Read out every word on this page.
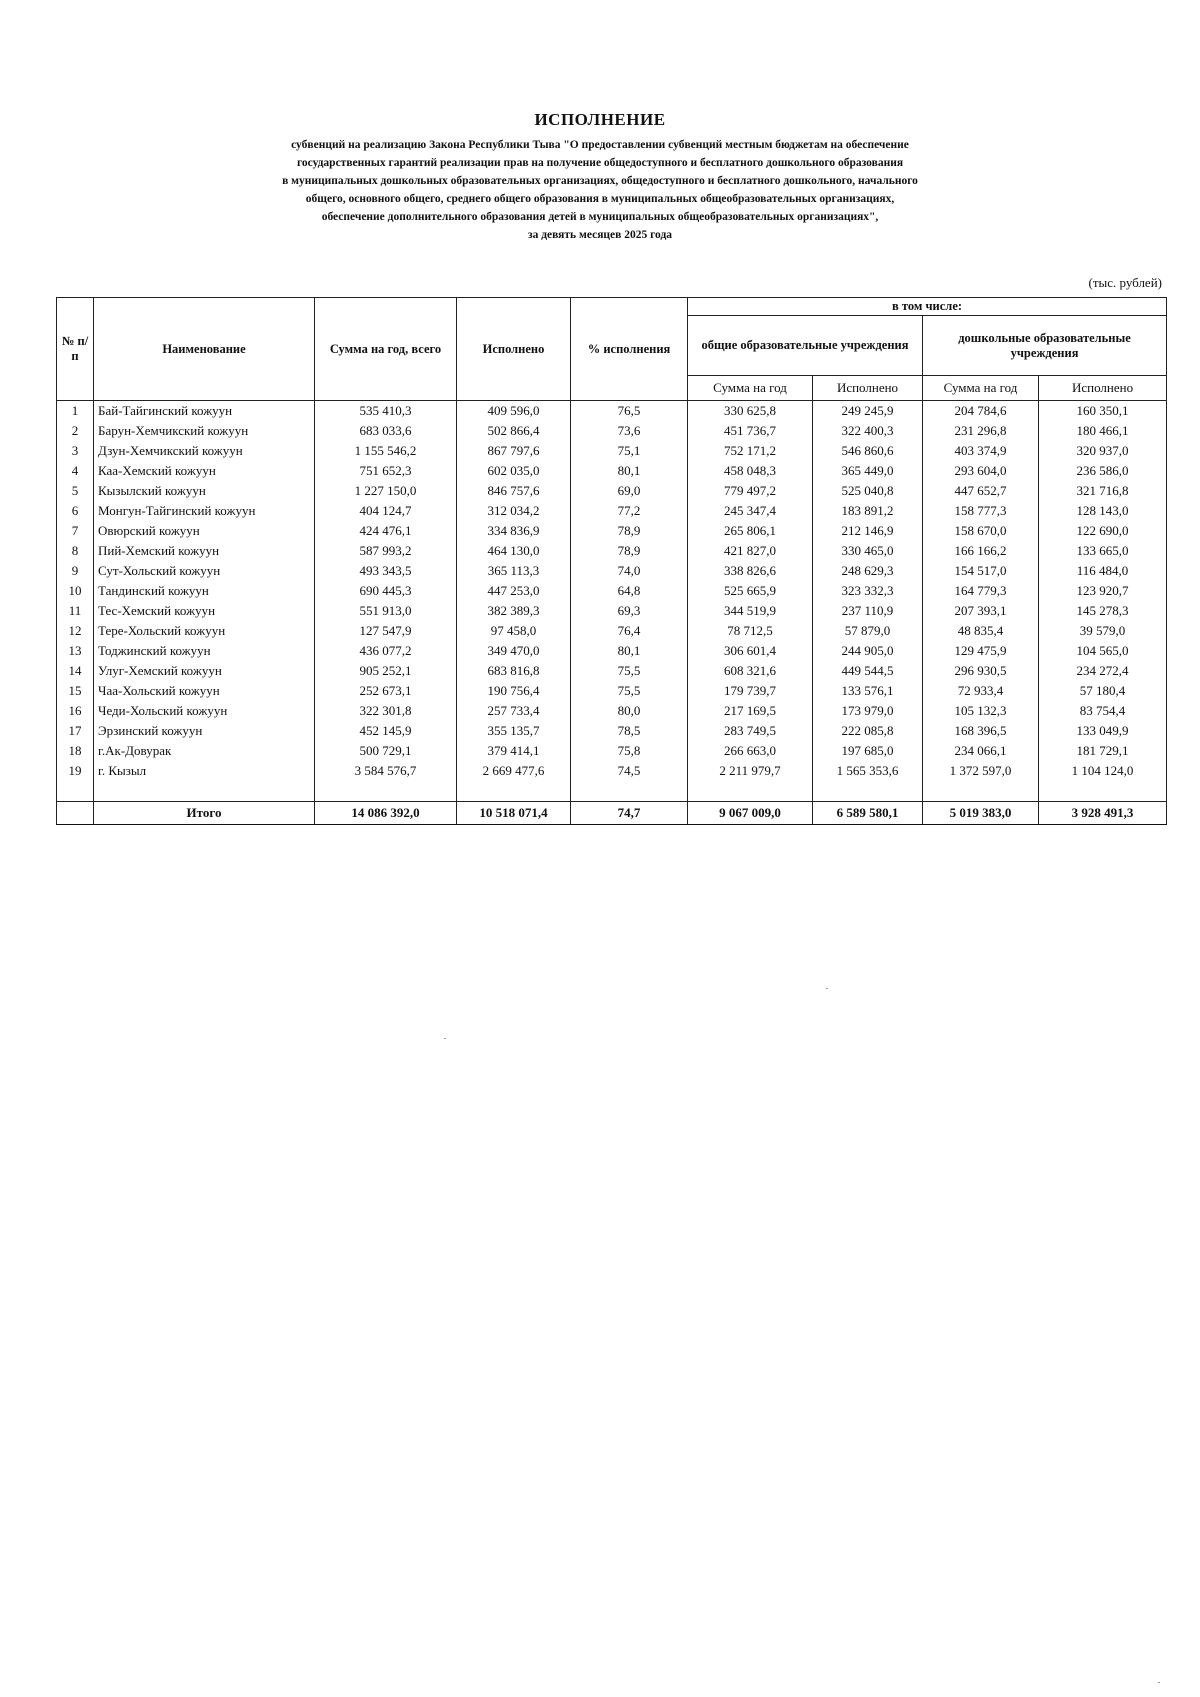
ИСПОЛНЕНИЕ
субвенций на реализацию Закона Республики Тыва "О предоставлении субвенций местным бюджетам на обеспечение
государственных гарантий реализации прав на получение общедоступного и бесплатного дошкольного образования
в муниципальных дошкольных образовательных организациях, общедоступного и бесплатного дошкольного, начального
общего, основного общего, среднего общего образования в муниципальных общеобразовательных организациях,
обеспечение дополнительного образования детей в муниципальных общеобразовательных организациях",
за девять месяцев 2025 года
(тыс. рублей)
№ п/п	Наименование	Сумма на год, всего	Исполнено	% исполнения	в том числе:			
					общие образовательные учреждения		дошкольные образовательные учреждения	
					Сумма на год	Исполнено	Сумма на год	Исполнено
1	Бай-Тайгинский кожуун	535 410,3	409 596,0	76,5	330 625,8	249 245,9	204 784,6	160 350,1
2	Барун-Хемчикский кожуун	683 033,6	502 866,4	73,6	451 736,7	322 400,3	231 296,8	180 466,1
3	Дзун-Хемчикский кожуун	1 155 546,2	867 797,6	75,1	752 171,2	546 860,6	403 374,9	320 937,0
4	Каа-Хемский кожуун	751 652,3	602 035,0	80,1	458 048,3	365 449,0	293 604,0	236 586,0
5	Кызылский кожуун	1 227 150,0	846 757,6	69,0	779 497,2	525 040,8	447 652,7	321 716,8
6	Монгун-Тайгинский кожуун	404 124,7	312 034,2	77,2	245 347,4	183 891,2	158 777,3	128 143,0
7	Овюрский кожуун	424 476,1	334 836,9	78,9	265 806,1	212 146,9	158 670,0	122 690,0
8	Пий-Хемский кожуун	587 993,2	464 130,0	78,9	421 827,0	330 465,0	166 166,2	133 665,0
9	Сут-Хольский кожуун	493 343,5	365 113,3	74,0	338 826,6	248 629,3	154 517,0	116 484,0
10	Тандинский кожуун	690 445,3	447 253,0	64,8	525 665,9	323 332,3	164 779,3	123 920,7
11	Тес-Хемский кожуун	551 913,0	382 389,3	69,3	344 519,9	237 110,9	207 393,1	145 278,3
12	Тере-Хольский кожуун	127 547,9	97 458,0	76,4	78 712,5	57 879,0	48 835,4	39 579,0
13	Тоджинский кожуун	436 077,2	349 470,0	80,1	306 601,4	244 905,0	129 475,9	104 565,0
14	Улуг-Хемский кожуун	905 252,1	683 816,8	75,5	608 321,6	449 544,5	296 930,5	234 272,4
15	Чаа-Хольский кожуун	252 673,1	190 756,4	75,5	179 739,7	133 576,1	72 933,4	57 180,4
16	Чеди-Хольский кожуун	322 301,8	257 733,4	80,0	217 169,5	173 979,0	105 132,3	83 754,4
17	Эрзинский кожуун	452 145,9	355 135,7	78,5	283 749,5	222 085,8	168 396,5	133 049,9
18	г.Ак-Довурак	500 729,1	379 414,1	75,8	266 663,0	197 685,0	234 066,1	181 729,1
19	г. Кызыл	3 584 576,7	2 669 477,6	74,5	2 211 979,7	1 565 353,6	1 372 597,0	1 104 124,0

	Итого	14 086 392,0	10 518 071,4	74,7	9 067 009,0	6 589 580,1	5 019 383,0	3 928 491,3
